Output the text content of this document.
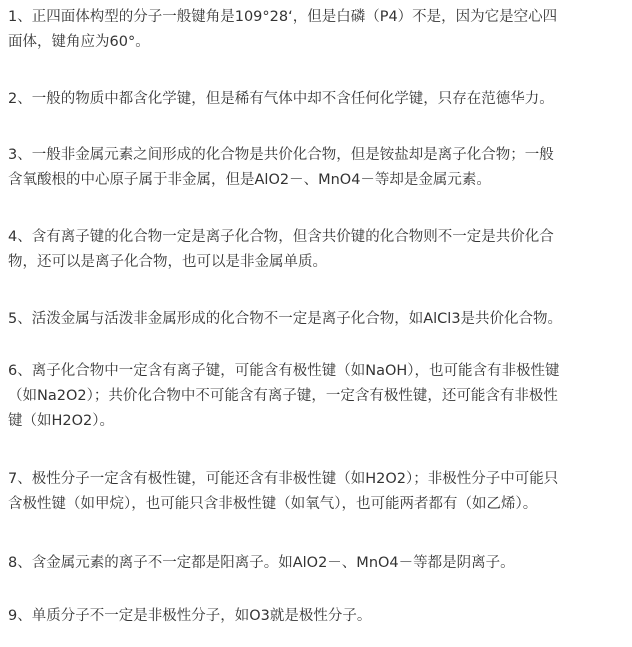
1、正四面体构型的分子一般键角是109°28‘，但是白磷（P4）不是，因为它是空心四
面体，键角应为60°。
2、一般的物质中都含化学键，但是稀有气体中却不含任何化学键，只存在范德华力。
3、一般非金属元素之间形成的化合物是共价化合物，但是铵盐却是离子化合物；一般
含氧酸根的中心原子属于非金属，但是AlO2－、MnO4－等却是金属元素。
4、含有离子键的化合物一定是离子化合物，但含共价键的化合物则不一定是共价化合
物，还可以是离子化合物，也可以是非金属单质。
5、活泼金属与活泼非金属形成的化合物不一定是离子化合物，如AlCl3是共价化合物。
6、离子化合物中一定含有离子键，可能含有极性键（如NaOH），也可能含有非极性键
（如Na2O2）；共价化合物中不可能含有离子键，一定含有极性键，还可能含有非极性
键（如H2O2）。
7、极性分子一定含有极性键，可能还含有非极性键（如H2O2）；非极性分子中可能只
含极性键（如甲烷），也可能只含非极性键（如氧气），也可能两者都有（如乙烯）。
8、含金属元素的离子不一定都是阳离子。如AlO2－、MnO4－等都是阴离子。
9、单质分子不一定是非极性分子，如O3就是极性分子。
